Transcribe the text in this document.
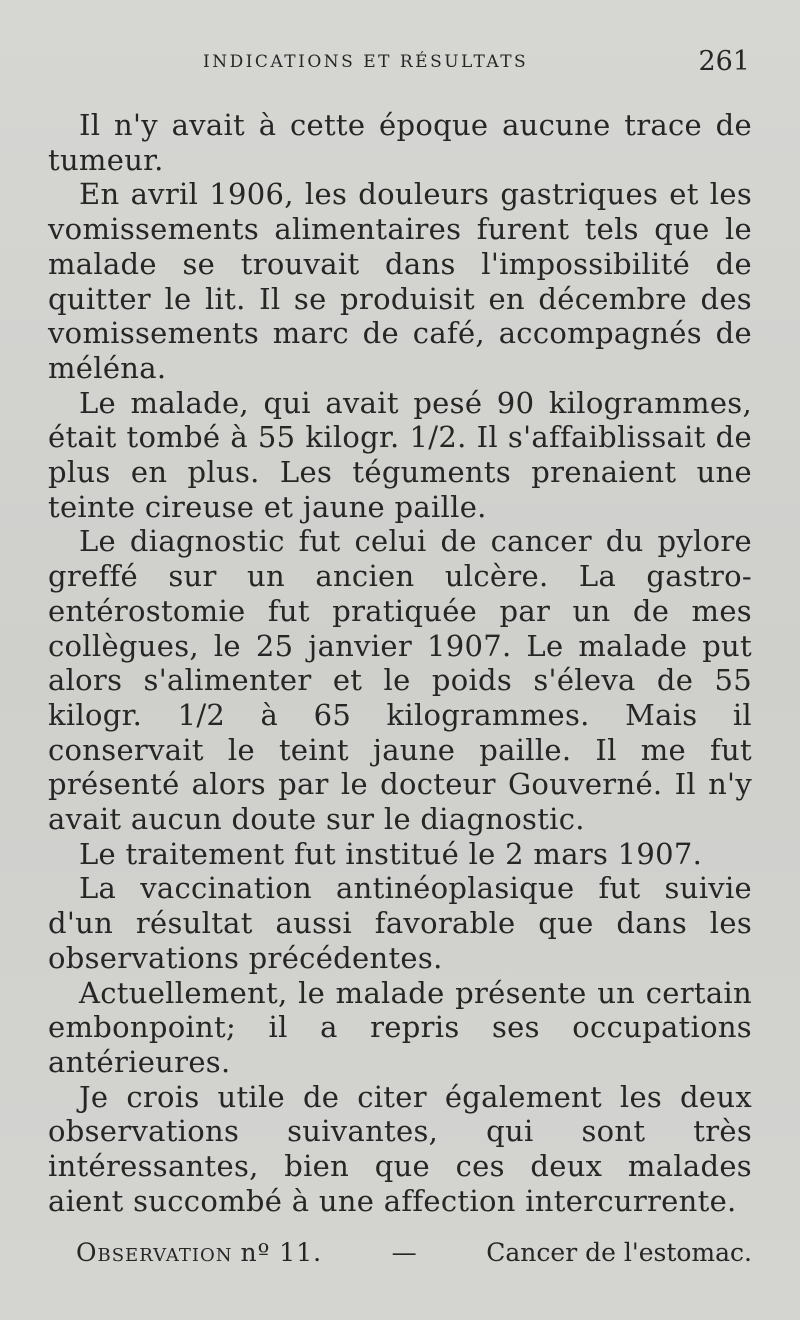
INDICATIONS ET RÉSULTATS	261

Il n'y avait à cette époque aucune trace de tumeur.

En avril 1906, les douleurs gastriques et les vomissements alimentaires furent tels que le malade se trouvait dans l'impossibilité de quitter le lit. Il se produisit en décembre des vomissements marc de café, accompagnés de méléna.

Le malade, qui avait pesé 90 kilogrammes, était tombé à 55 kilogr. 1/2. Il s'affaiblissait de plus en plus. Les téguments prenaient une teinte cireuse et jaune paille.

Le diagnostic fut celui de cancer du pylore greffé sur un ancien ulcère. La gastro-entérostomie fut pratiquée par un de mes collègues, le 25 janvier 1907. Le malade put alors s'alimenter et le poids s'éleva de 55 kilogr. 1/2 à 65 kilogrammes. Mais il conservait le teint jaune paille. Il me fut présenté alors par le docteur Gouverné. Il n'y avait aucun doute sur le diagnostic.

Le traitement fut institué le 2 mars 1907.

La vaccination antinéoplasique fut suivie d'un résultat aussi favorable que dans les observations précédentes.

Actuellement, le malade présente un certain embonpoint; il a repris ses occupations antérieures.

Je crois utile de citer également les deux observations suivantes, qui sont très intéressantes, bien que ces deux malades aient succombé à une affection intercurrente.

Observation nº 11.	—	Cancer de l'estomac.
